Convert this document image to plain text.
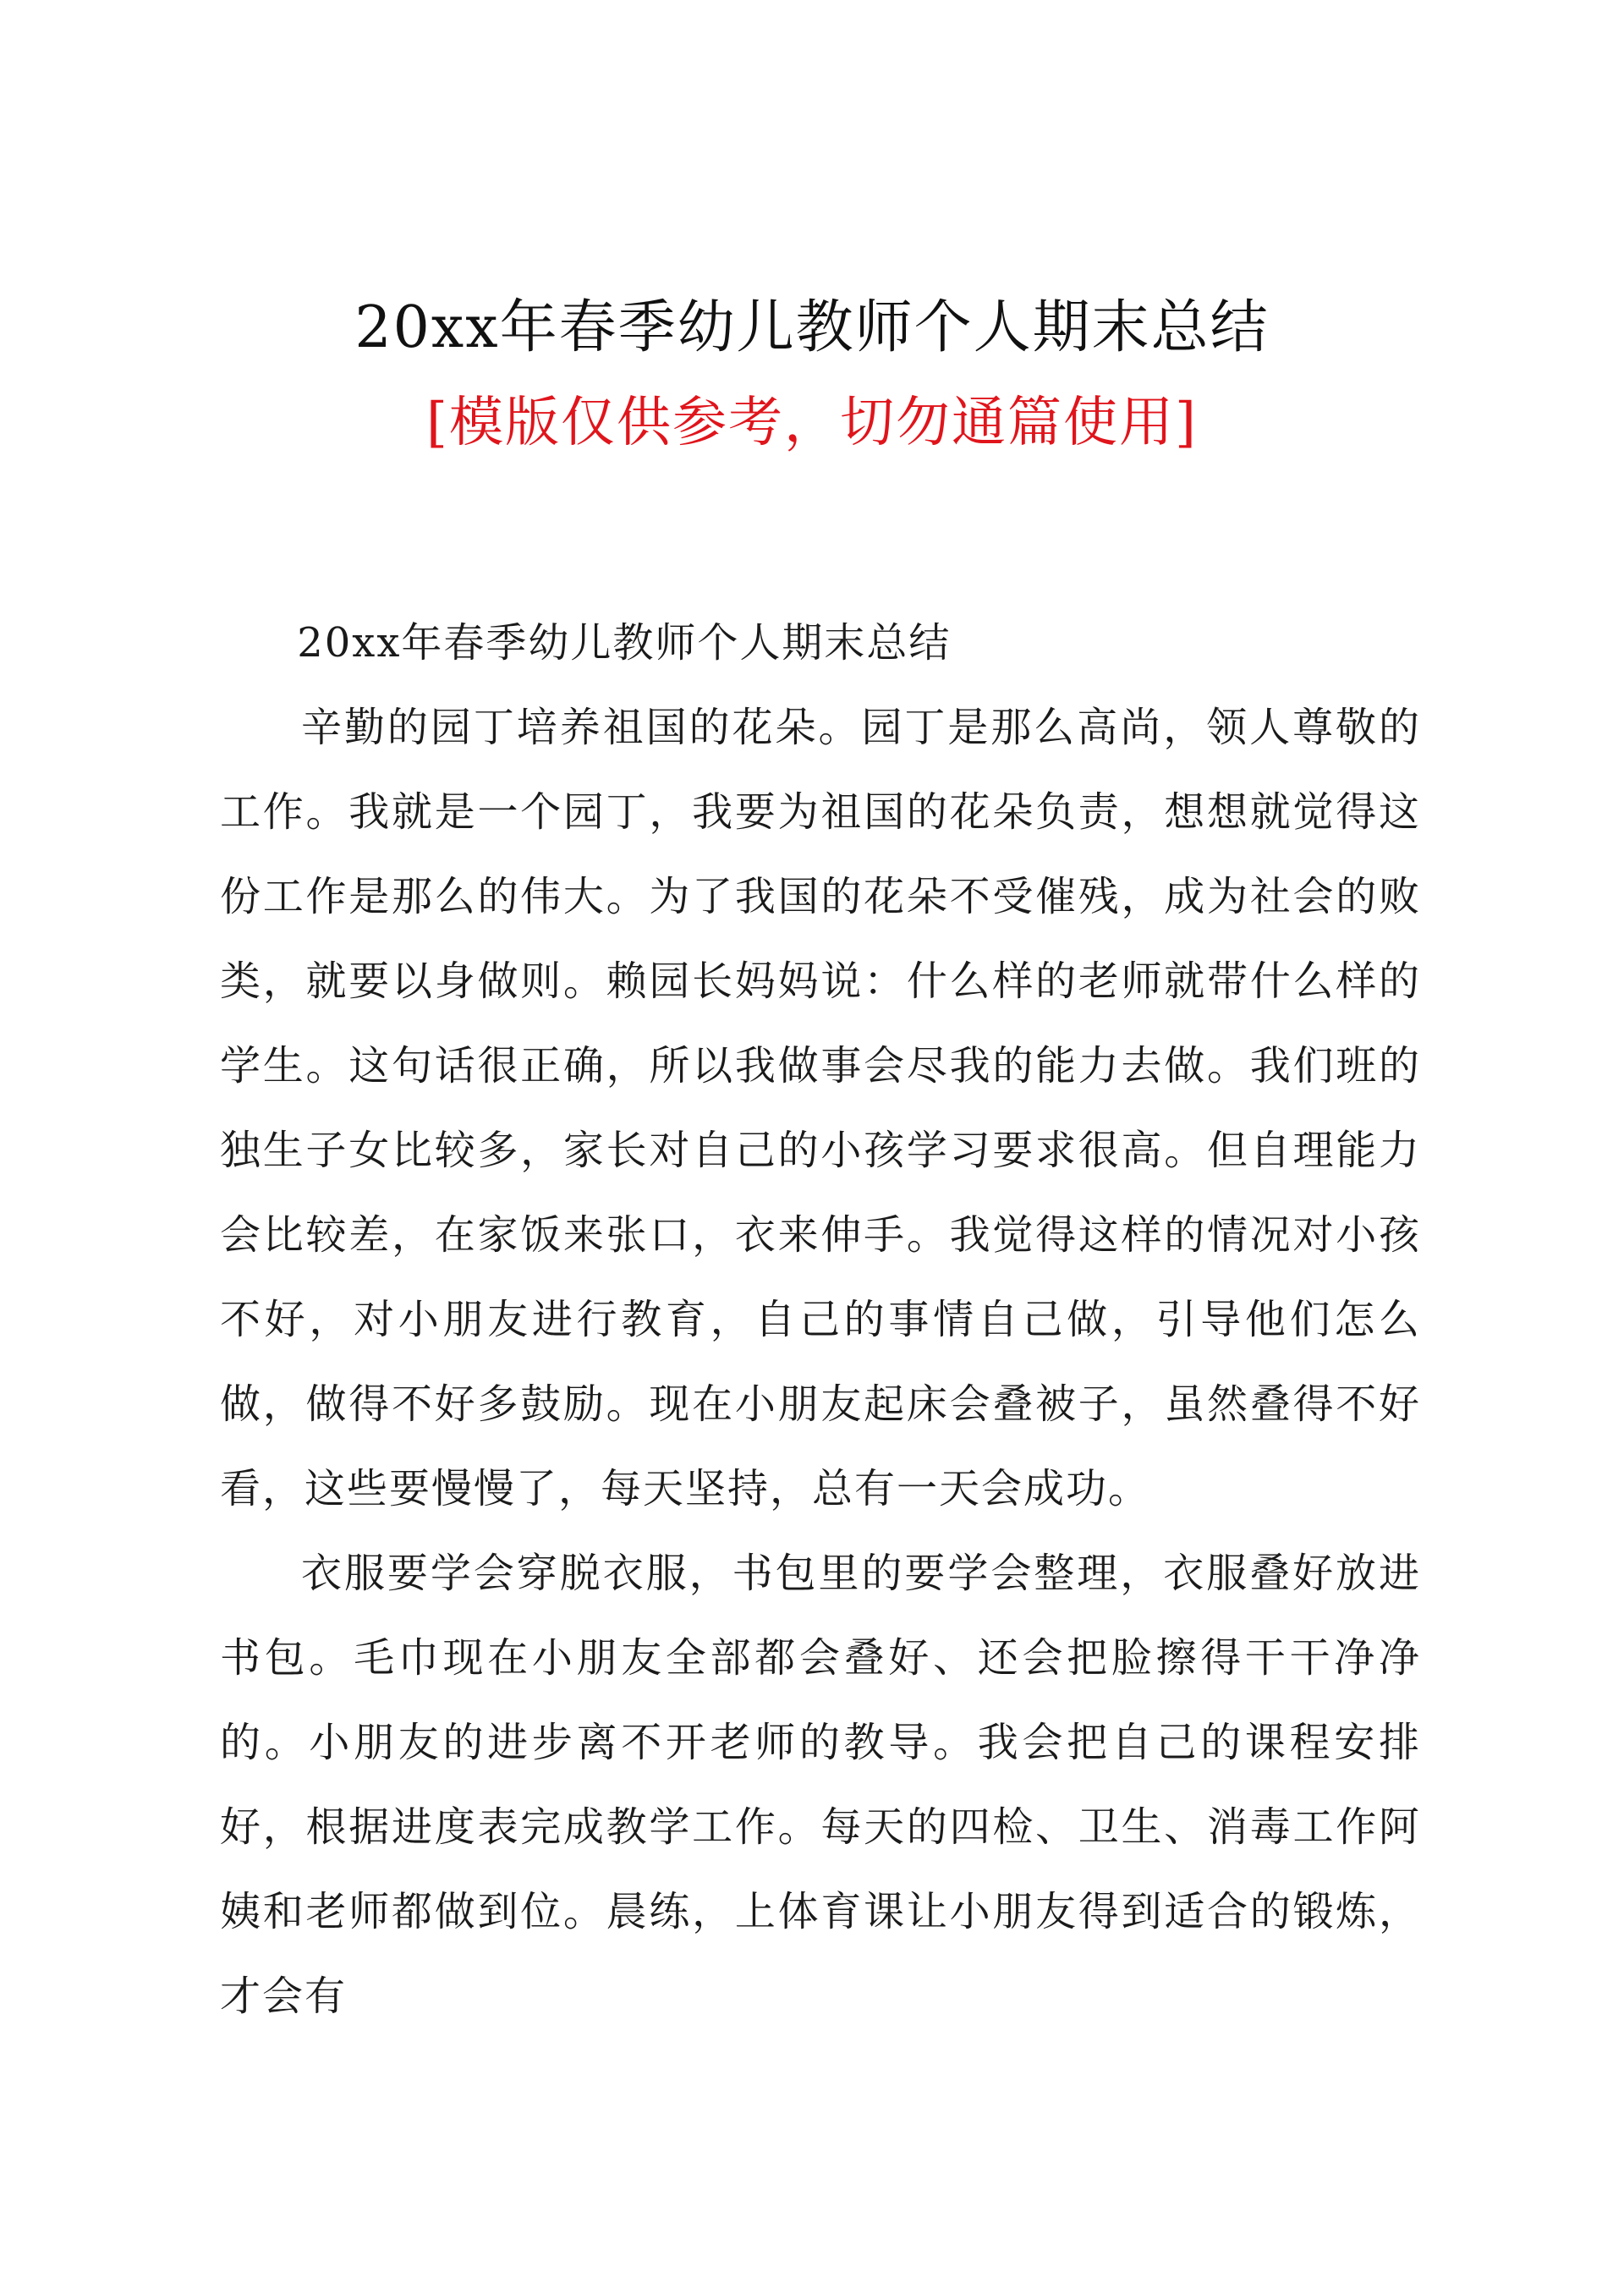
20xx年春季幼儿教师个人期末总结
[模版仅供参考，切勿通篇使用]

20xx年春季幼儿教师个人期末总结

辛勤的园丁培养祖国的花朵。园丁是那么高尚，领人尊敬的工作。我就是一个园丁，我要为祖国的花朵负责，想想就觉得这份工作是那么的伟大。为了我国的花朵不受催残，成为社会的败类，就要以身做则。赖园长妈妈说：什么样的老师就带什么样的学生。这句话很正确，所以我做事会尽我的能力去做。我们班的独生子女比较多，家长对自己的小孩学习要求很高。但自理能力会比较差，在家饭来张口，衣来伸手。我觉得这样的情况对小孩不好，对小朋友进行教育，自己的事情自己做，引导他们怎么做，做得不好多鼓励。现在小朋友起床会叠被子，虽然叠得不好看，这些要慢慢了，每天坚持，总有一天会成功。

衣服要学会穿脱衣服，书包里的要学会整理，衣服叠好放进书包。毛巾现在小朋友全部都会叠好、还会把脸擦得干干净净的。小朋友的进步离不开老师的教导。我会把自己的课程安排好，根据进度表完成教学工作。每天的四检、卫生、消毒工作阿姨和老师都做到位。晨练，上体育课让小朋友得到适合的锻炼，才会有
